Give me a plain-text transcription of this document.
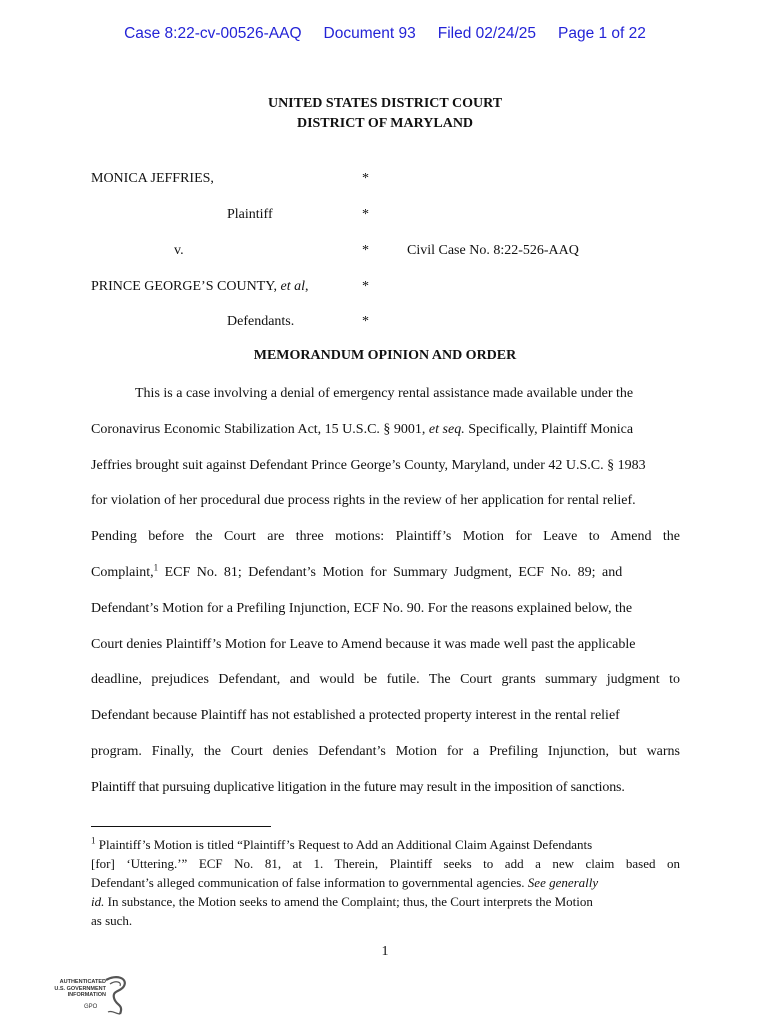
Case 8:22-cv-00526-AAQ Document 93 Filed 02/24/25 Page 1 of 22
UNITED STATES DISTRICT COURT
DISTRICT OF MARYLAND
MONICA JEFFRIES,	*
Plaintiff	*
v.	*	Civil Case No. 8:22-526-AAQ
PRINCE GEORGE’S COUNTY, et al,	*
Defendants.	*
MEMORANDUM OPINION AND ORDER
This is a case involving a denial of emergency rental assistance made available under the
Coronavirus Economic Stabilization Act, 15 U.S.C. § 9001, et seq. Specifically, Plaintiff Monica
Jeffries brought suit against Defendant Prince George’s County, Maryland, under 42 U.S.C. § 1983
for violation of her procedural due process rights in the review of her application for rental relief.
Pending before the Court are three motions: Plaintiff’s Motion for Leave to Amend the
Complaint,$^1$ ECF No. 81; Defendant’s Motion for Summary Judgment, ECF No. 89; and
Defendant’s Motion for a Prefiling Injunction, ECF No. 90. For the reasons explained below, the
Court denies Plaintiff’s Motion for Leave to Amend because it was made well past the applicable
deadline, prejudices Defendant, and would be futile. The Court grants summary judgment to
Defendant because Plaintiff has not established a protected property interest in the rental relief
program. Finally, the Court denies Defendant’s Motion for a Prefiling Injunction, but warns
Plaintiff that pursuing duplicative litigation in the future may result in the imposition of sanctions.
$^1$ Plaintiff’s Motion is titled “Plaintiff’s Request to Add an Additional Claim Against Defendants
[for] ‘Uttering.’” ECF No. 81, at 1. Therein, Plaintiff seeks to add a new claim based on
Defendant’s alleged communication of false information to governmental agencies. See generally
id. In substance, the Motion seeks to amend the Complaint; thus, the Court interprets the Motion
as such.
1
AUTHENTICATED
U.S. GOVERNMENT
INFORMATION
GPO
